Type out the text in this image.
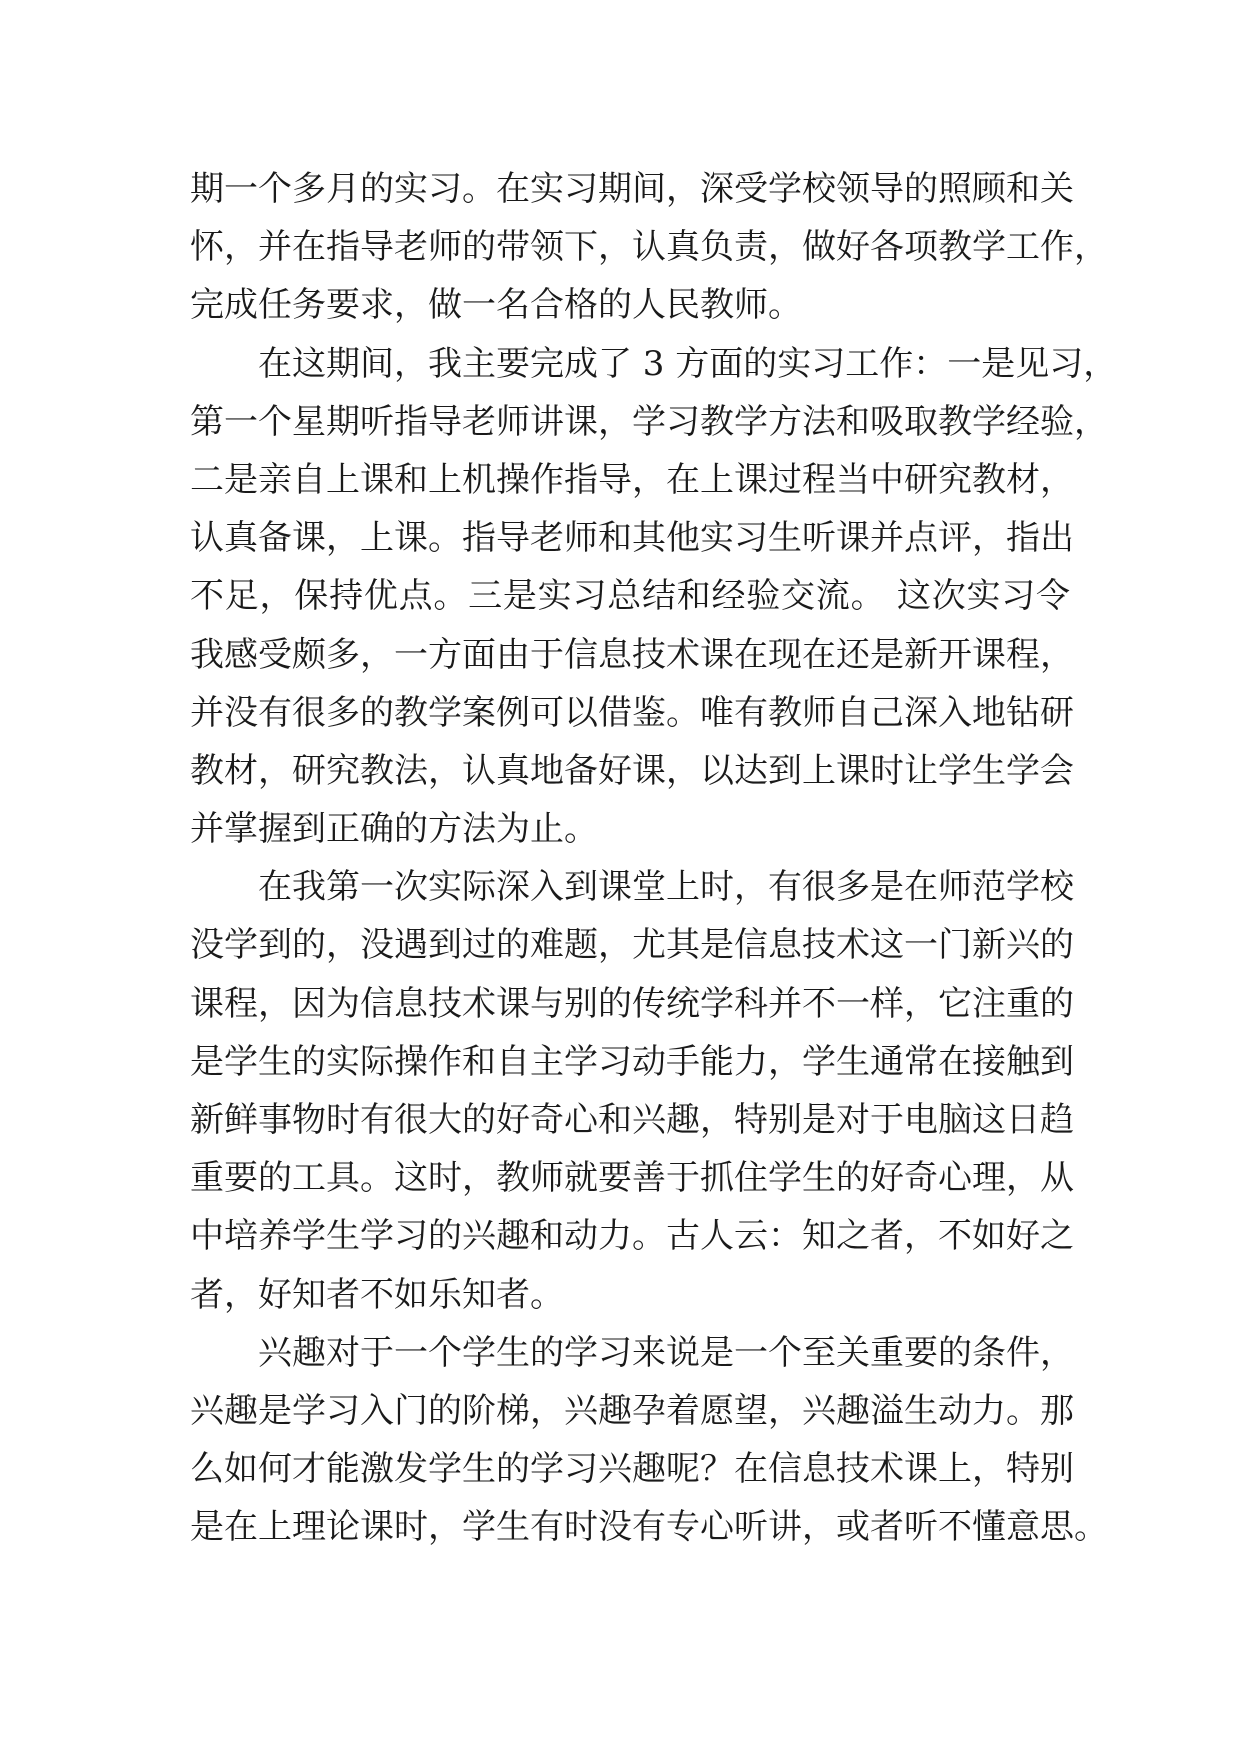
期一个多月的实习。在实习期间，深受学校领导的照顾和关
怀，并在指导老师的带领下，认真负责，做好各项教学工作，
完成任务要求，做一名合格的人民教师。
在这期间，我主要完成了 3 方面的实习工作：一是见习，
第一个星期听指导老师讲课，学习教学方法和吸取教学经验，
二是亲自上课和上机操作指导，在上课过程当中研究教材，
认真备课，上课。指导老师和其他实习生听课并点评，指出
不足，保持优点。三是实习总结和经验交流。 这次实习令
我感受颇多，一方面由于信息技术课在现在还是新开课程，
并没有很多的教学案例可以借鉴。唯有教师自己深入地钻研
教材，研究教法，认真地备好课，以达到上课时让学生学会
并掌握到正确的方法为止。
在我第一次实际深入到课堂上时，有很多是在师范学校
没学到的，没遇到过的难题，尤其是信息技术这一门新兴的
课程，因为信息技术课与别的传统学科并不一样，它注重的
是学生的实际操作和自主学习动手能力，学生通常在接触到
新鲜事物时有很大的好奇心和兴趣，特别是对于电脑这日趋
重要的工具。这时，教师就要善于抓住学生的好奇心理，从
中培养学生学习的兴趣和动力。古人云：知之者，不如好之
者，好知者不如乐知者。
兴趣对于一个学生的学习来说是一个至关重要的条件，
兴趣是学习入门的阶梯，兴趣孕着愿望，兴趣溢生动力。那
么如何才能激发学生的学习兴趣呢？在信息技术课上，特别
是在上理论课时，学生有时没有专心听讲，或者听不懂意思。
